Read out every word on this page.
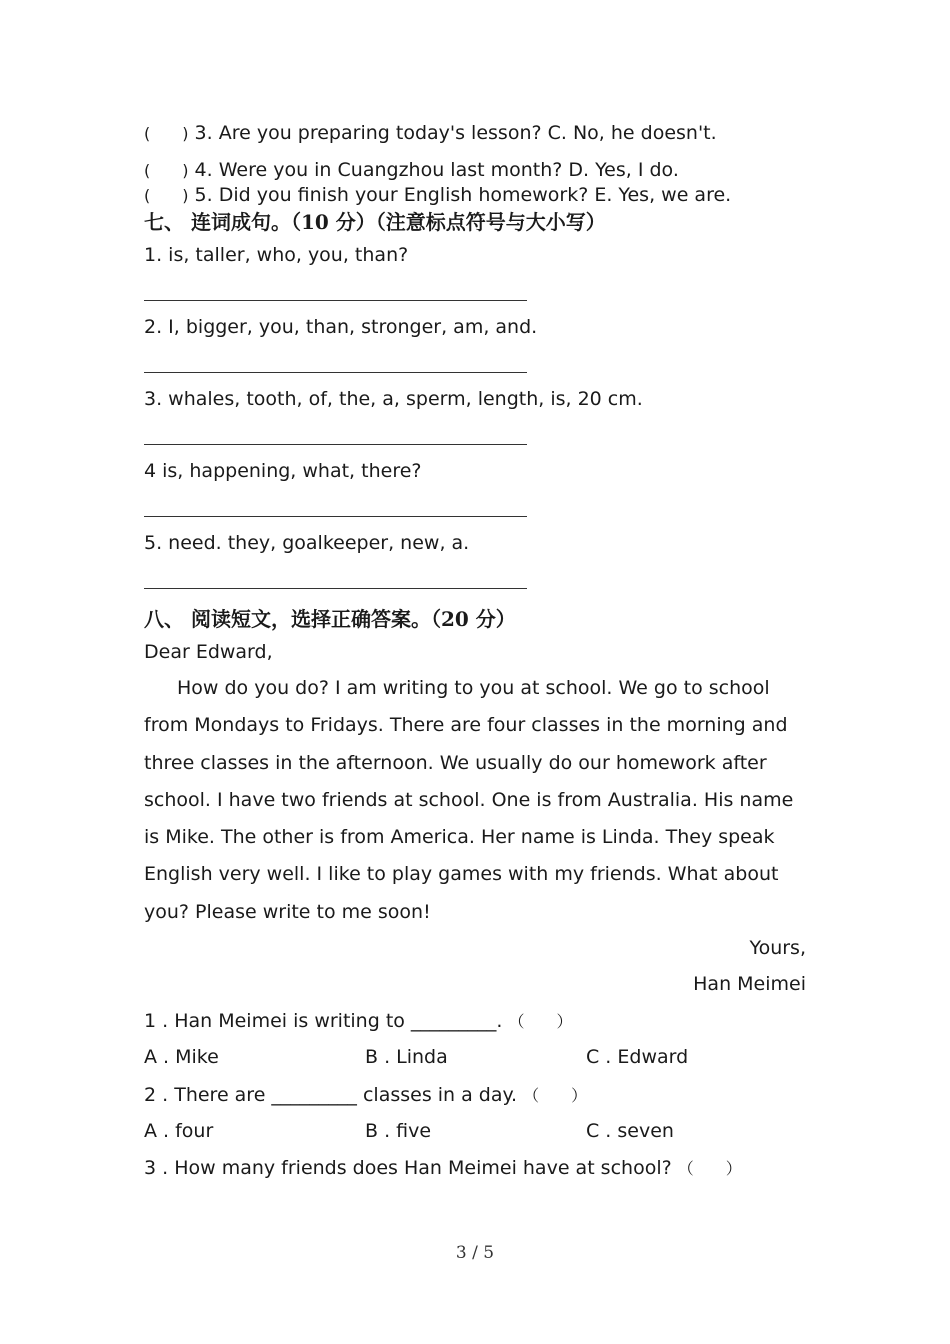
(　　) 3. Are you preparing today's lesson? C. No, he doesn't.
(　　) 4. Were you in Cuangzhou last month? D. Yes, I do.
(　　) 5. Did you finish your English homework? E. Yes, we are.
七、 连词成句。（10 分）（注意标点符号与大小写）
1. is, taller, who, you, than?
2. I, bigger, you, than, stronger, am, and.
3. whales, tooth, of, the, a, sperm, length, is, 20 cm.
4 is, happening, what, there?
5. need. they, goalkeeper, new, a.
八、 阅读短文，选择正确答案。（20 分）
Dear Edward,
How do you do? I am writing to you at school. We go to school from Mondays to Fridays. There are four classes in the morning and three classes in the afternoon. We usually do our homework after school. I have two friends at school. One is from Australia. His name is Mike. The other is from America. Her name is Linda. They speak English very well. I like to play games with my friends. What about you? Please write to me soon!
Yours,
Han Meimei
1 . Han Meimei is writing to _________. （　　）
A . Mike	B . Linda	C . Edward
2 . There are _________ classes in a day. （　　）
A . four	B . five	C . seven
3 . How many friends does Han Meimei have at school? （　　）
3 / 5
